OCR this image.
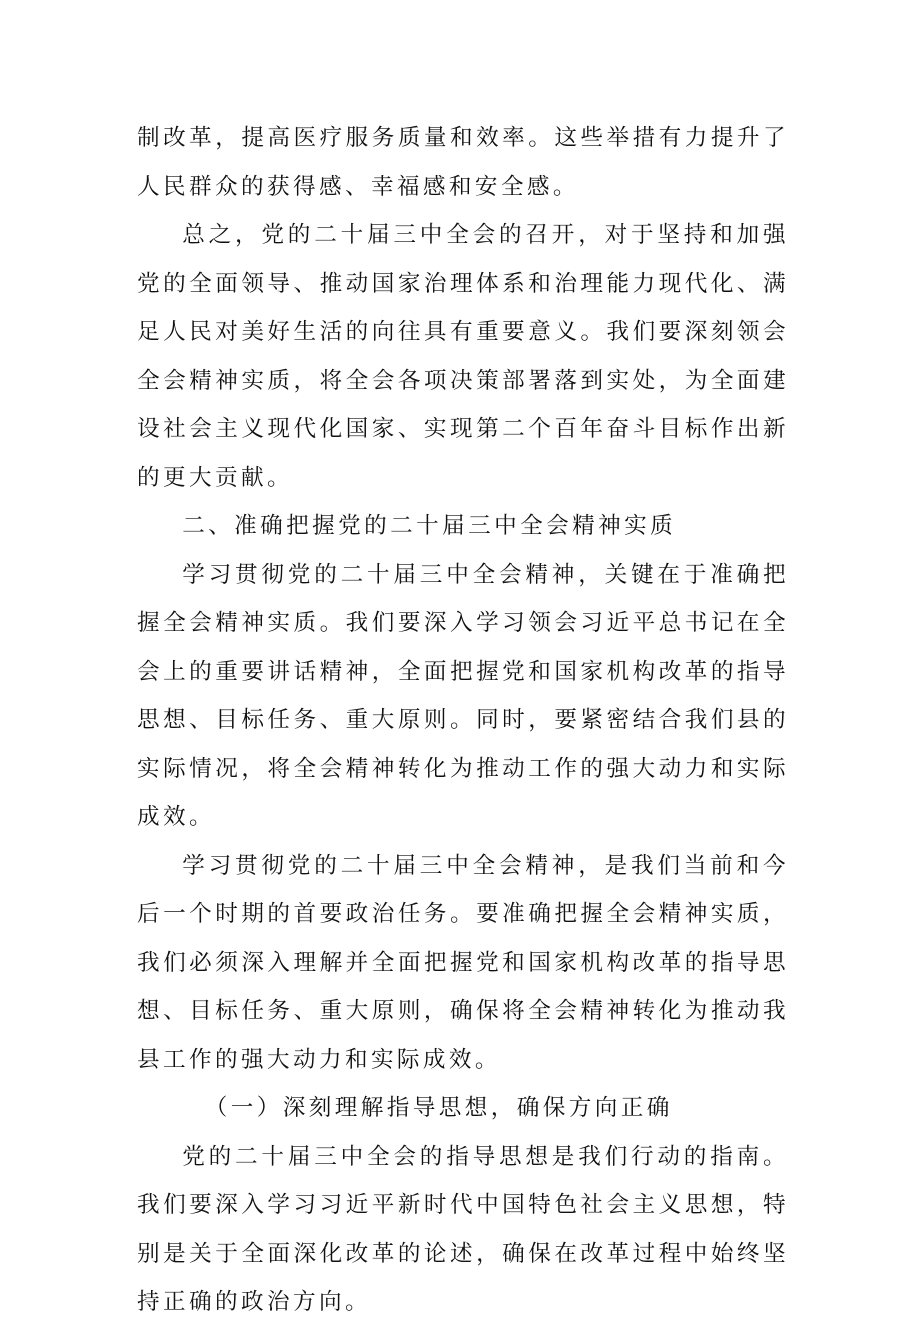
制改革，提高医疗服务质量和效率。这些举措有力提升了人民群众的获得感、幸福感和安全感。

总之，党的二十届三中全会的召开，对于坚持和加强党的全面领导、推动国家治理体系和治理能力现代化、满足人民对美好生活的向往具有重要意义。我们要深刻领会全会精神实质，将全会各项决策部署落到实处，为全面建设社会主义现代化国家、实现第二个百年奋斗目标作出新的更大贡献。

二、准确把握党的二十届三中全会精神实质

学习贯彻党的二十届三中全会精神，关键在于准确把握全会精神实质。我们要深入学习领会习近平总书记在全会上的重要讲话精神，全面把握党和国家机构改革的指导思想、目标任务、重大原则。同时，要紧密结合我们县的实际情况，将全会精神转化为推动工作的强大动力和实际成效。

学习贯彻党的二十届三中全会精神，是我们当前和今后一个时期的首要政治任务。要准确把握全会精神实质，我们必须深入理解并全面把握党和国家机构改革的指导思想、目标任务、重大原则，确保将全会精神转化为推动我县工作的强大动力和实际成效。

（一）深刻理解指导思想，确保方向正确

党的二十届三中全会的指导思想是我们行动的指南。我们要深入学习习近平新时代中国特色社会主义思想，特别是关于全面深化改革的论述，确保在改革过程中始终坚持正确的政治方向。
